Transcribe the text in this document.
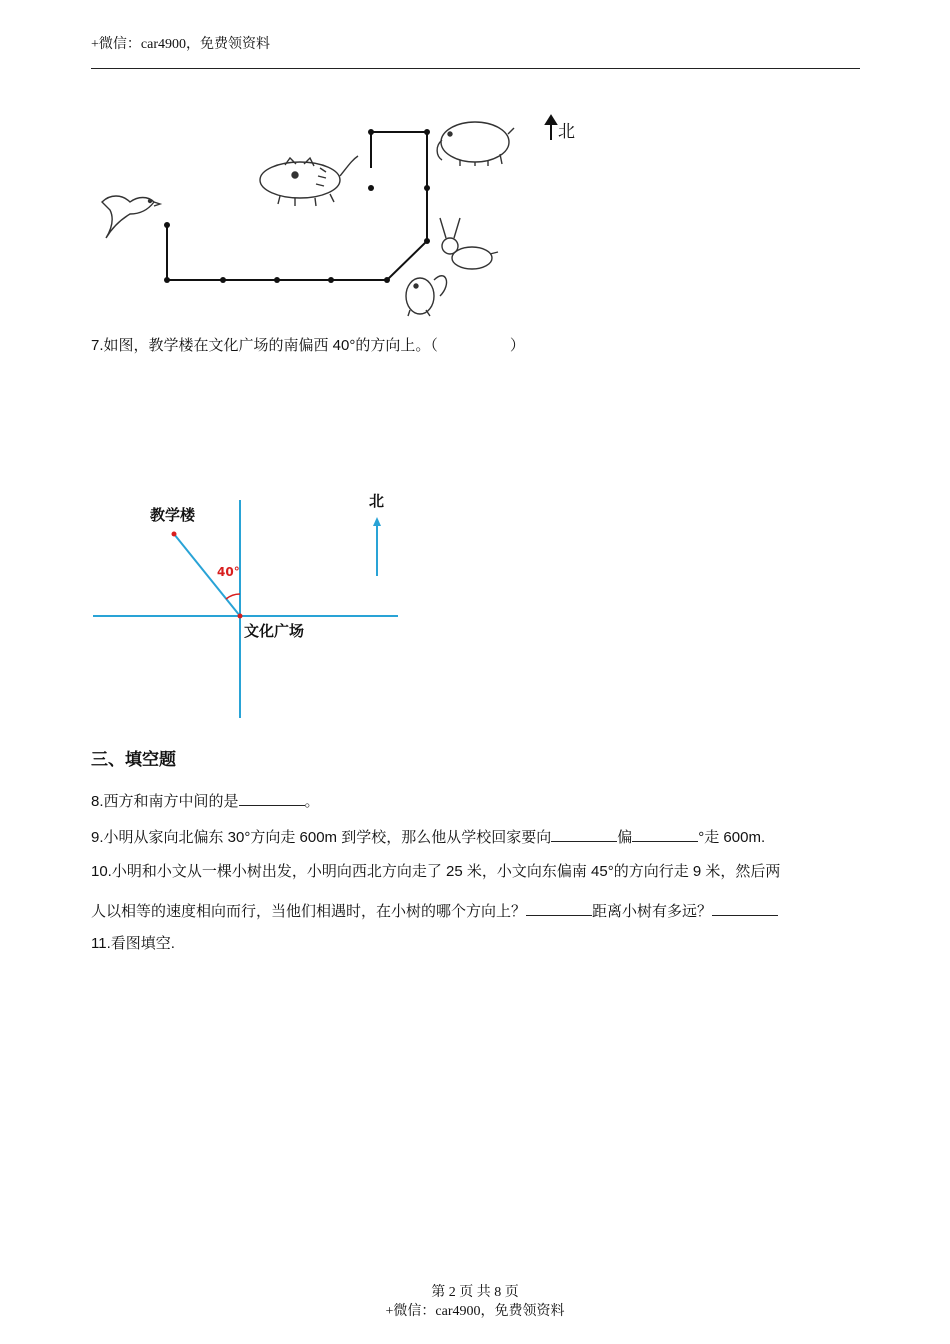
+微信：car4900，免费领资料
北
7.如图，教学楼在文化广场的南偏西 40°的方向上。（	）
教学楼
文化广场
40°
北
三、填空题
8.西方和南方中间的是	。
9.小明从家向北偏东 30°方向走 600m 到学校，那么他从学校回家要向	偏	°走 600m.
10.小明和小文从一棵小树出发，小明向西北方向走了 25 米，小文向东偏南 45°的方向行走 9 米，然后两
人以相等的速度相向而行，当他们相遇时，在小树的哪个方向上？	距离小树有多远？
11.看图填空.
第 2 页 共 8 页
+微信：car4900，免费领资料
